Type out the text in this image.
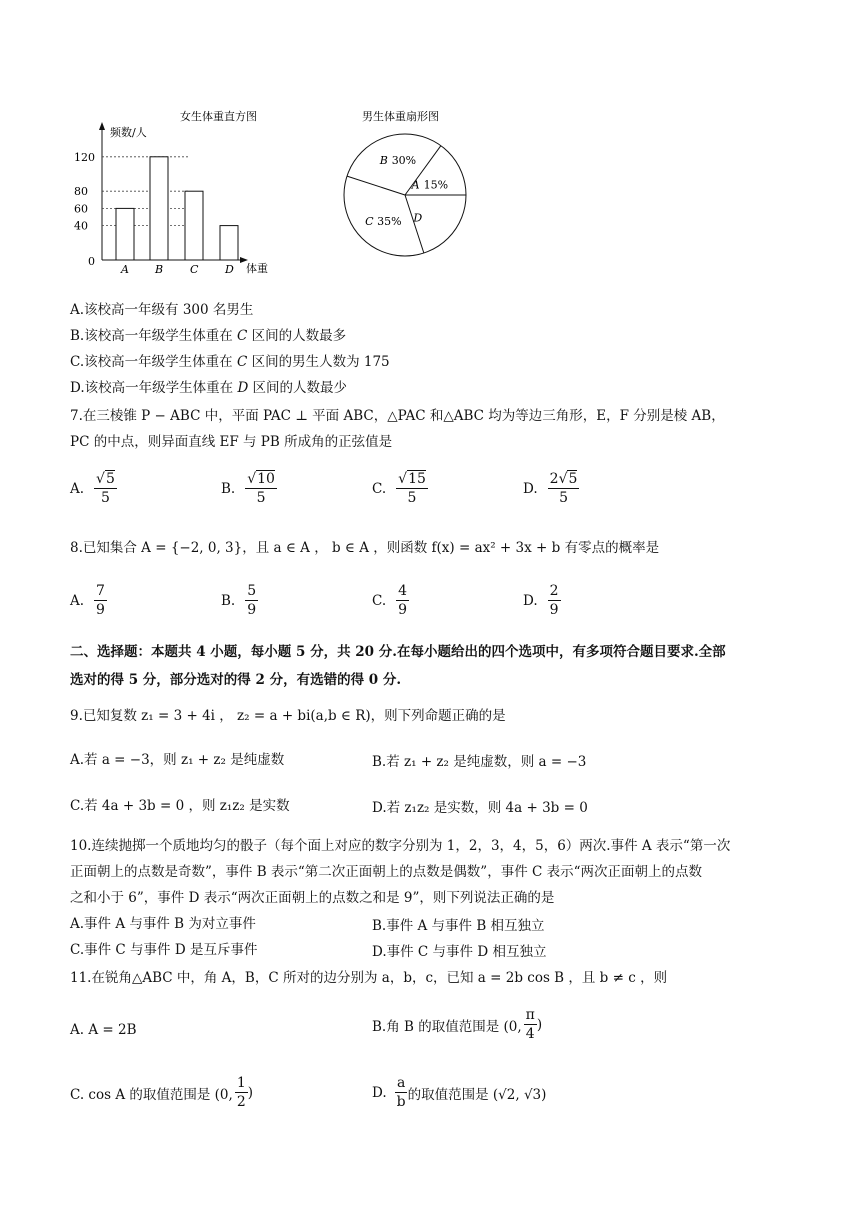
女生体重直方图
频数/人
体重
0
120
80
60
40
A B C D
男生体重扇形图
A 15%
B 30%
C 35% D
A.该校高一年级有 300 名男生
B.该校高一年级学生体重在 C 区间的人数最多
C.该校高一年级学生体重在 C 区间的男生人数为 175
D.该校高一年级学生体重在 D 区间的人数最少
7.在三棱锥 P − ABC 中，平面 PAC ⊥ 平面 ABC，△PAC 和△ABC 均为等边三角形，E，F 分别是棱 AB，
PC 的中点，则异面直线 EF 与 PB 所成角的正弦值是
A. $\frac{√5}{5}$	B. $\frac{√10}{5}$	C. $\frac{√15}{5}$	D. $\frac{2√5}{5}$
8.已知集合 A = {−2, 0, 3}，且 a ∈ A ， b ∈ A ，则函数 f(x) = ax² + 3x + b 有零点的概率是
A. $\frac{7}{9}$	B. $\frac{5}{9}$	C. $\frac{4}{9}$	D. $\frac{2}{9}$
二、选择题：本题共 4 小题，每小题 5 分，共 20 分.在每小题给出的四个选项中，有多项符合题目要求.全部
选对的得 5 分，部分选对的得 2 分，有选错的得 0 分.
9.已知复数 z₁ = 3 + 4i ， z₂ = a + bi(a,b ∈ R)，则下列命题正确的是
A.若 a = −3，则 z₁ + z₂ 是纯虚数	B.若 z₁ + z₂ 是纯虚数，则 a = −3
C.若 4a + 3b = 0 ，则 z₁z₂ 是实数	D.若 z₁z₂ 是实数，则 4a + 3b = 0
10.连续抛掷一个质地均匀的骰子（每个面上对应的数字分别为 1，2，3，4，5，6）两次.事件 A 表示“第一次
正面朝上的点数是奇数”，事件 B 表示“第二次正面朝上的点数是偶数”，事件 C 表示“两次正面朝上的点数
之和小于 6”，事件 D 表示“两次正面朝上的点数之和是 9”，则下列说法正确的是
A.事件 A 与事件 B 为对立事件	B.事件 A 与事件 B 相互独立
C.事件 C 与事件 D 是互斥事件	D.事件 C 与事件 D 相互独立
11.在锐角△ABC 中，角 A，B，C 所对的边分别为 a，b，c，已知 a = 2b cos B ，且 b ≠ c ，则
A. A = 2B	B.角 B 的取值范围是 (0, $\frac{\pi}{4}$ )
C. cos A 的取值范围是 (0, $\frac{1}{2}$ )	D. $\frac{a}{b}$ 的取值范围是 (√2, √3)
